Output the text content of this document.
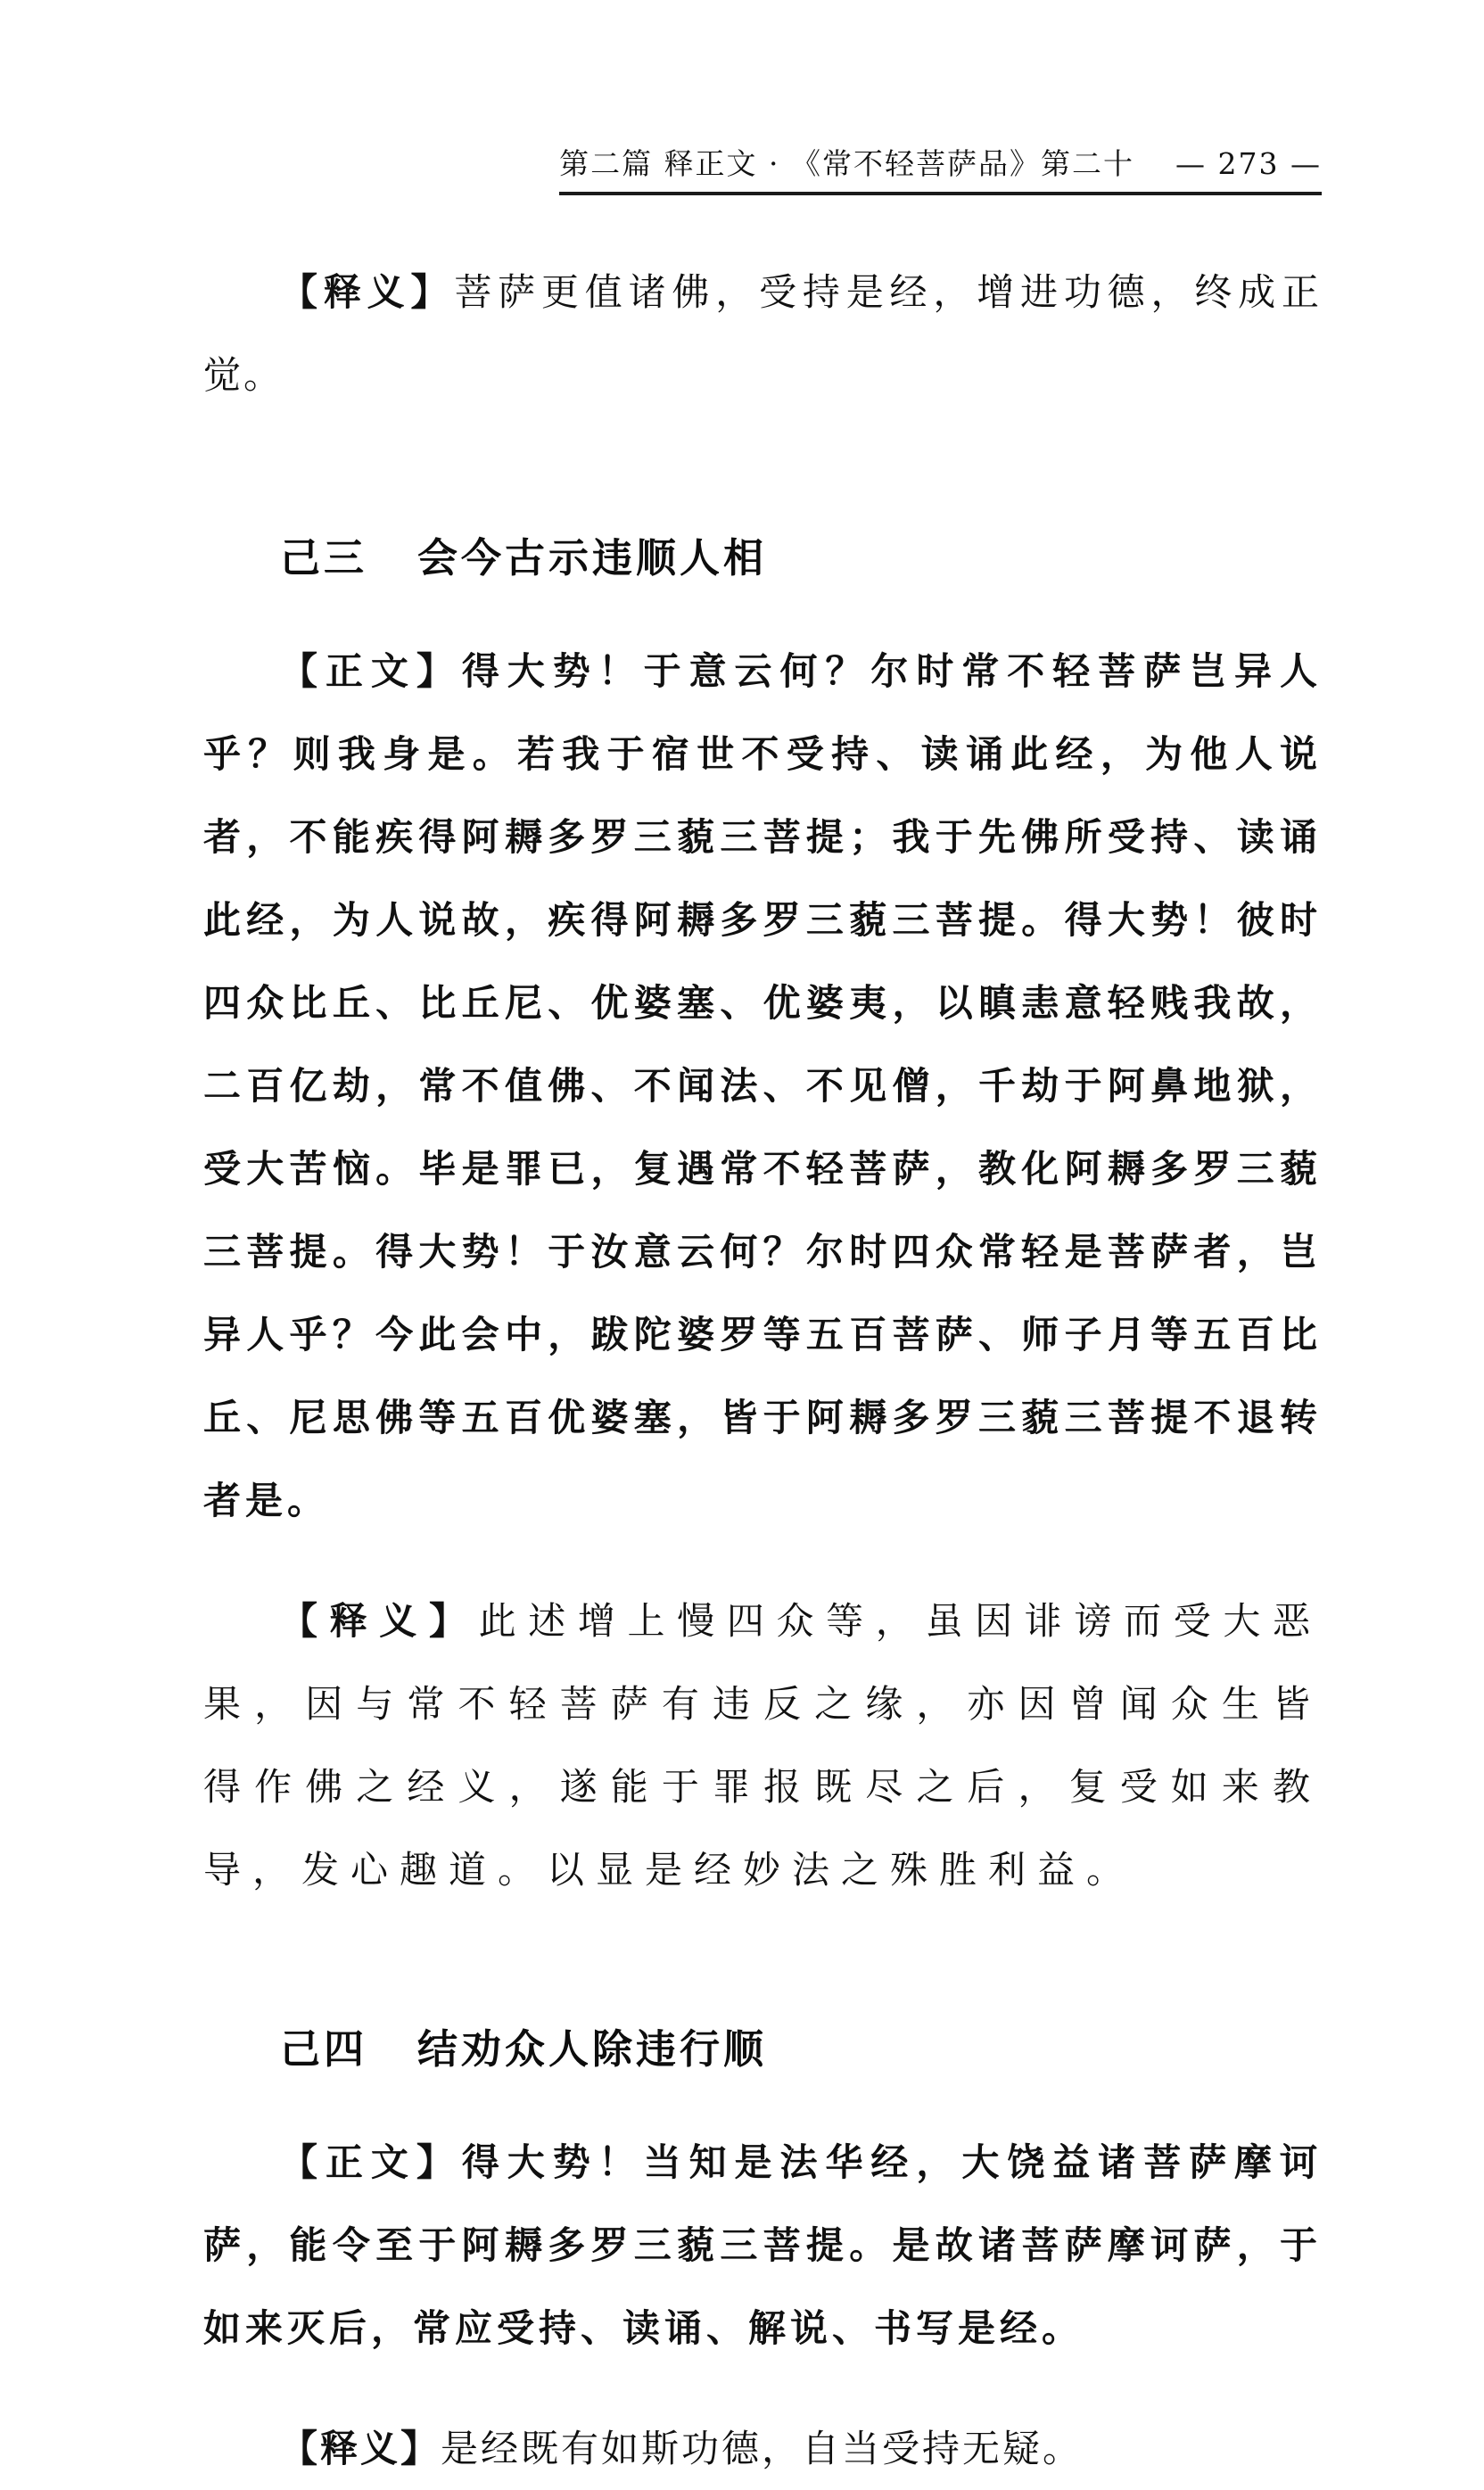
第二篇 释正文 · 《常不轻菩萨品》第二十 — 273 —

【释义】菩萨更值诸佛，受持是经，增进功德，终成正觉。

己三 会今古示违顺人相

【正文】得大势！于意云何？尔时常不轻菩萨岂异人乎？则我身是。若我于宿世不受持、读诵此经，为他人说者，不能疾得阿耨多罗三藐三菩提；我于先佛所受持、读诵此经，为人说故，疾得阿耨多罗三藐三菩提。得大势！彼时四众比丘、比丘尼、优婆塞、优婆夷，以瞋恚意轻贱我故，二百亿劫，常不值佛、不闻法、不见僧，千劫于阿鼻地狱，受大苦恼。毕是罪已，复遇常不轻菩萨，教化阿耨多罗三藐三菩提。得大势！于汝意云何？尔时四众常轻是菩萨者，岂异人乎？今此会中，跋陀婆罗等五百菩萨、师子月等五百比丘、尼思佛等五百优婆塞，皆于阿耨多罗三藐三菩提不退转者是。

【释义】此述增上慢四众等，虽因诽谤而受大恶果，因与常不轻菩萨有违反之缘，亦因曾闻众生皆得作佛之经义，遂能于罪报既尽之后，复受如来教导，发心趣道。以显是经妙法之殊胜利益。

己四 结劝众人除违行顺

【正文】得大势！当知是法华经，大饶益诸菩萨摩诃萨，能令至于阿耨多罗三藐三菩提。是故诸菩萨摩诃萨，于如来灭后，常应受持、读诵、解说、书写是经。

【释义】是经既有如斯功德，自当受持无疑。
